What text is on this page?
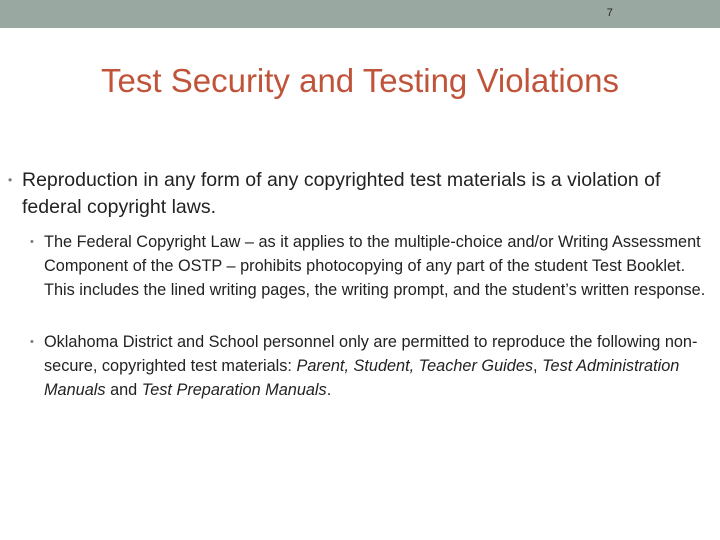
7
Test Security and Testing Violations
• Reproduction in any form of any copyrighted test materials is a violation of federal copyright laws.
• The Federal Copyright Law – as it applies to the multiple-choice and/or Writing Assessment Component of the OSTP – prohibits photocopying of any part of the student Test Booklet. This includes the lined writing pages, the writing prompt, and the student’s written response.
• Oklahoma District and School personnel only are permitted to reproduce the following non-secure, copyrighted test materials: Parent, Student, Teacher Guides, Test Administration Manuals and Test Preparation Manuals.
